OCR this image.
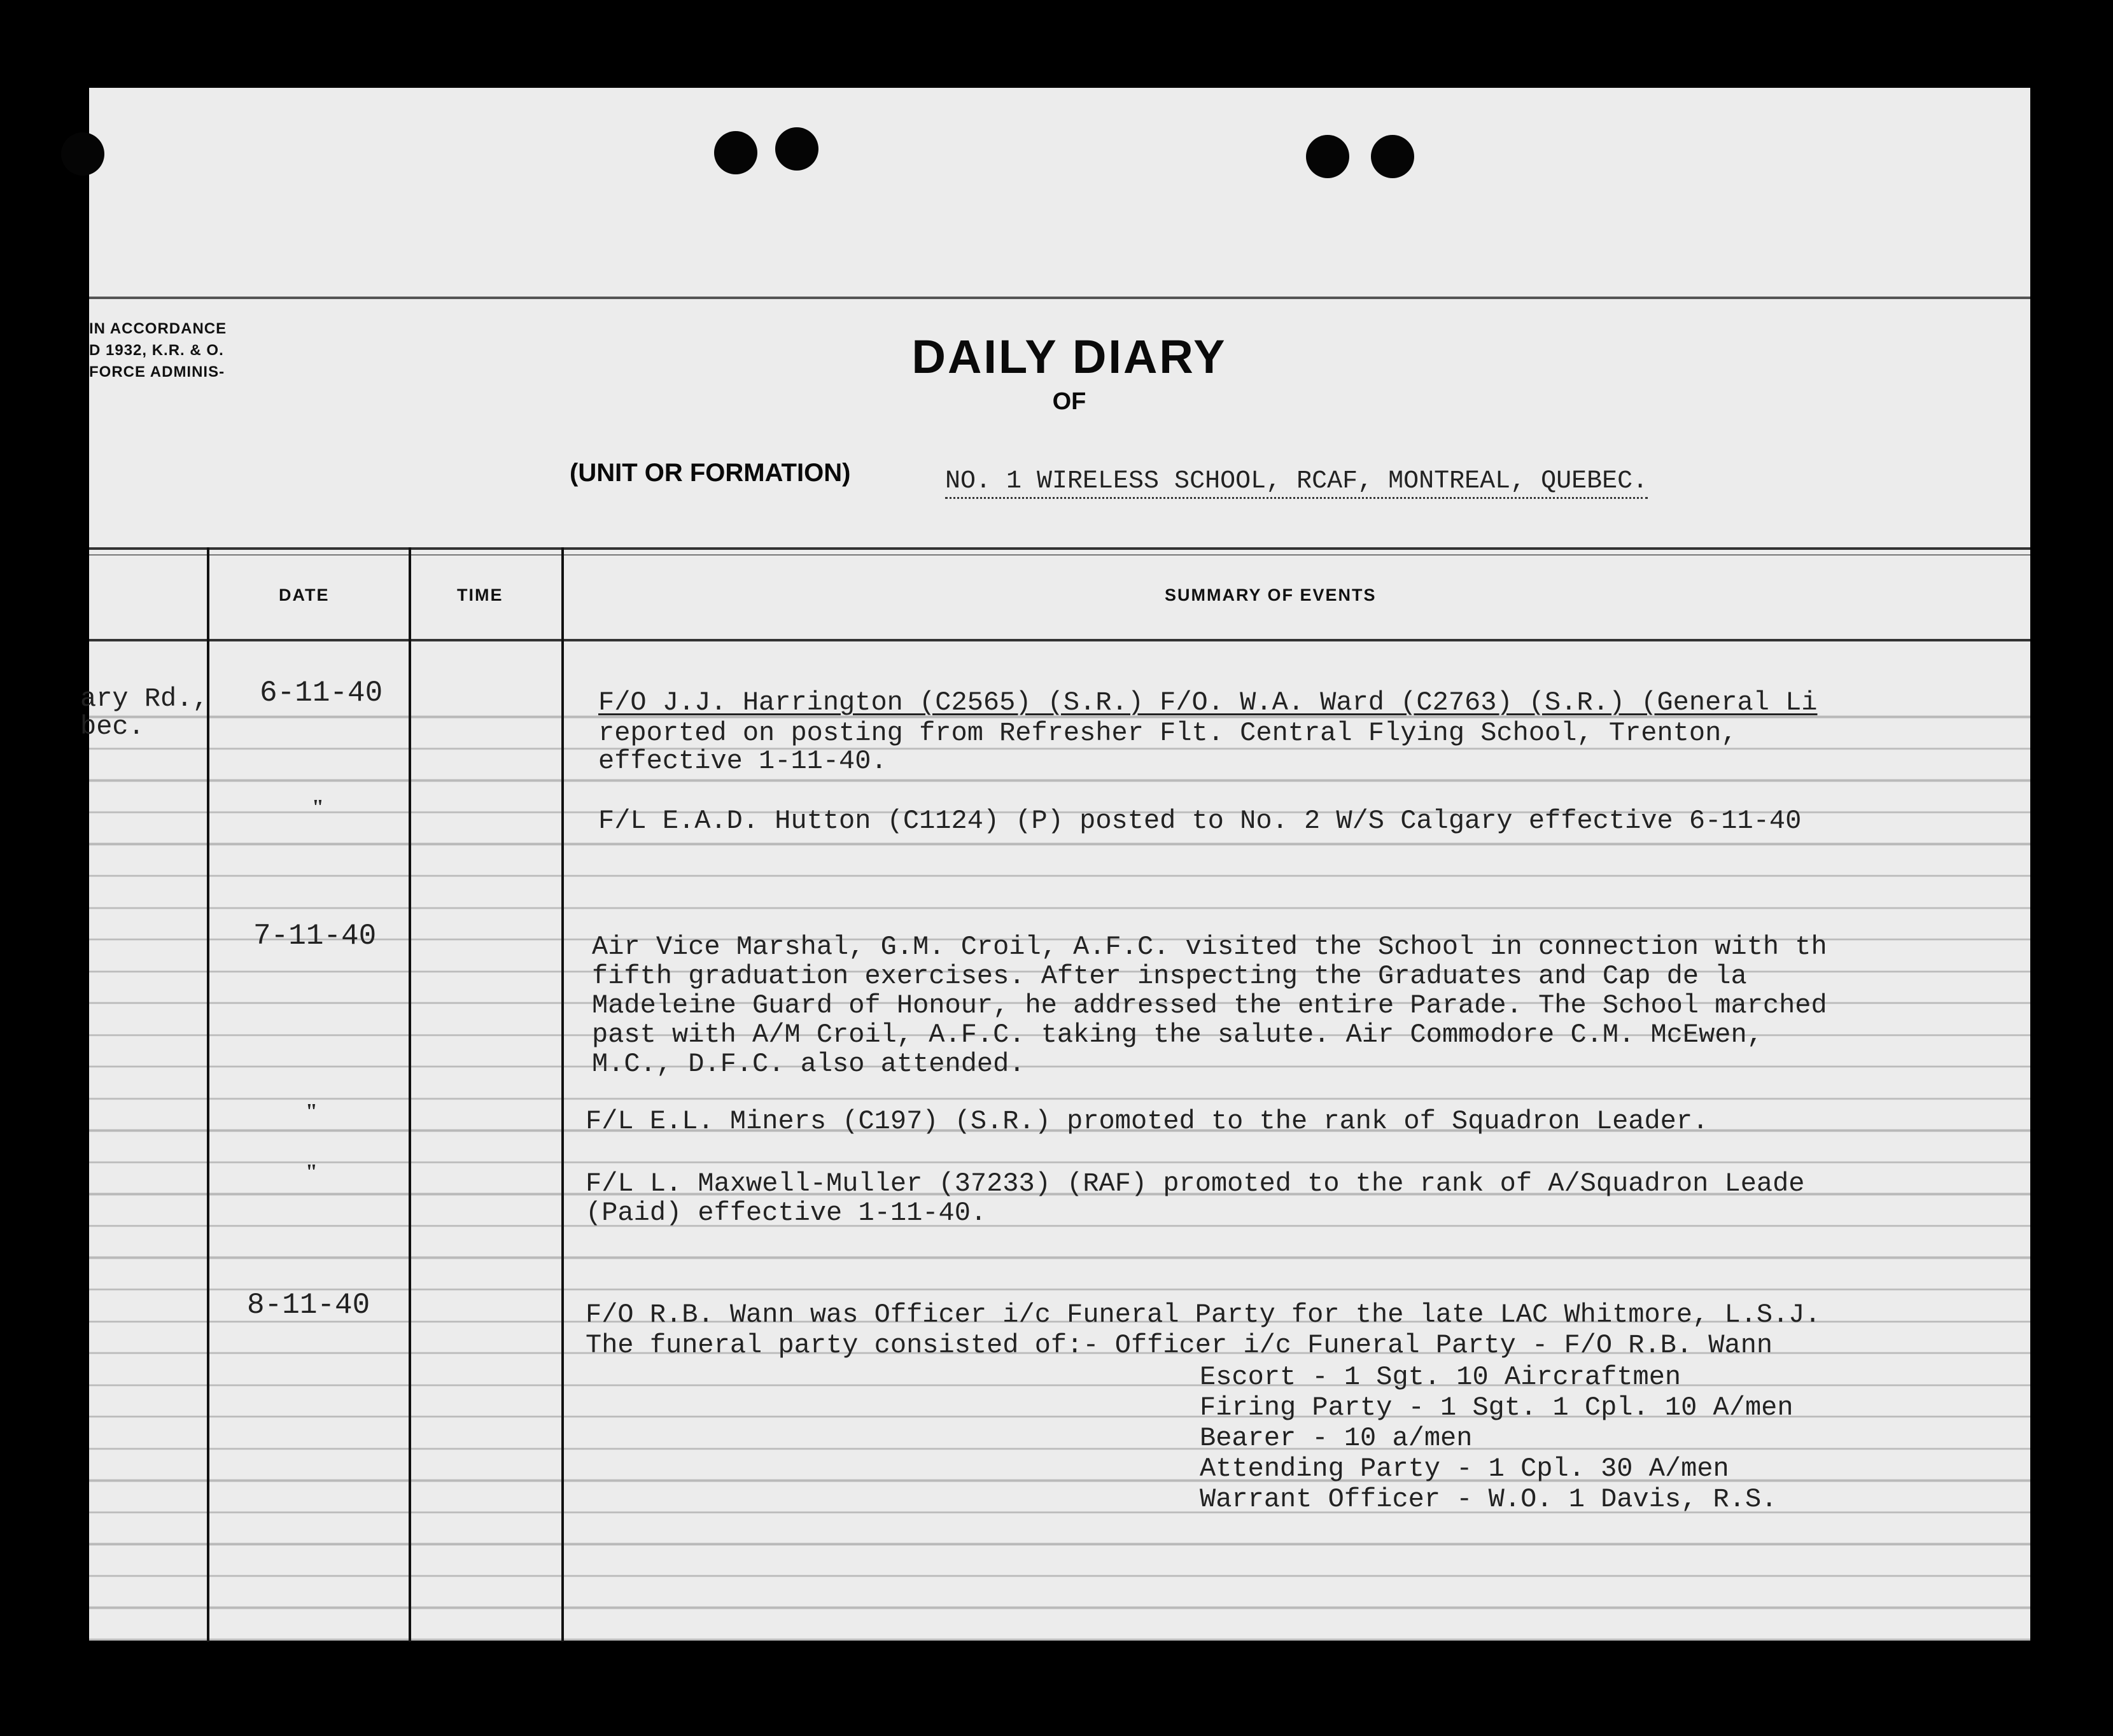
IN ACCORDANCE
D 1932, K.R. & O.
FORCE ADMINIS-	DAILY DIARY
OF
(UNIT OR FORMATION)	NO. 1 WIRELESS SCHOOL, RCAF, MONTREAL, QUEBEC.
DATE	TIME	SUMMARY OF EVENTS
ary Rd.,
bec.
6-11-40	F/O J.J. Harrington (C2565) (S.R.) F/O. W.A. Ward (C2763) (S.R.) (General Li
reported on posting from Refresher Flt. Central Flying School, Trenton,
effective 1-11-40.
"	F/L E.A.D. Hutton (C1124) (P) posted to No. 2 W/S Calgary effective 6-11-40
7-11-40	Air Vice Marshal, G.M. Croil, A.F.C. visited the School in connection with th
fifth graduation exercises. After inspecting the Graduates and Cap de la
Madeleine Guard of Honour, he addressed the entire Parade. The School marched
past with A/M Croil, A.F.C. taking the salute. Air Commodore C.M. McEwen,
M.C., D.F.C. also attended.
"	F/L E.L. Miners (C197) (S.R.) promoted to the rank of Squadron Leader.
"	F/L L. Maxwell-Muller (37233) (RAF) promoted to the rank of A/Squadron Leade
(Paid) effective 1-11-40.
8-11-40	F/O R.B. Wann was Officer i/c Funeral Party for the late LAC Whitmore, L.S.J.
The funeral party consisted of:- Officer i/c Funeral Party - F/O R.B. Wann
Escort - 1 Sgt. 10 Aircraftmen
Firing Party - 1 Sgt. 1 Cpl. 10 A/men
Bearer - 10 a/men
Attending Party - 1 Cpl. 30 A/men
Warrant Officer - W.O. 1 Davis, R.S.
